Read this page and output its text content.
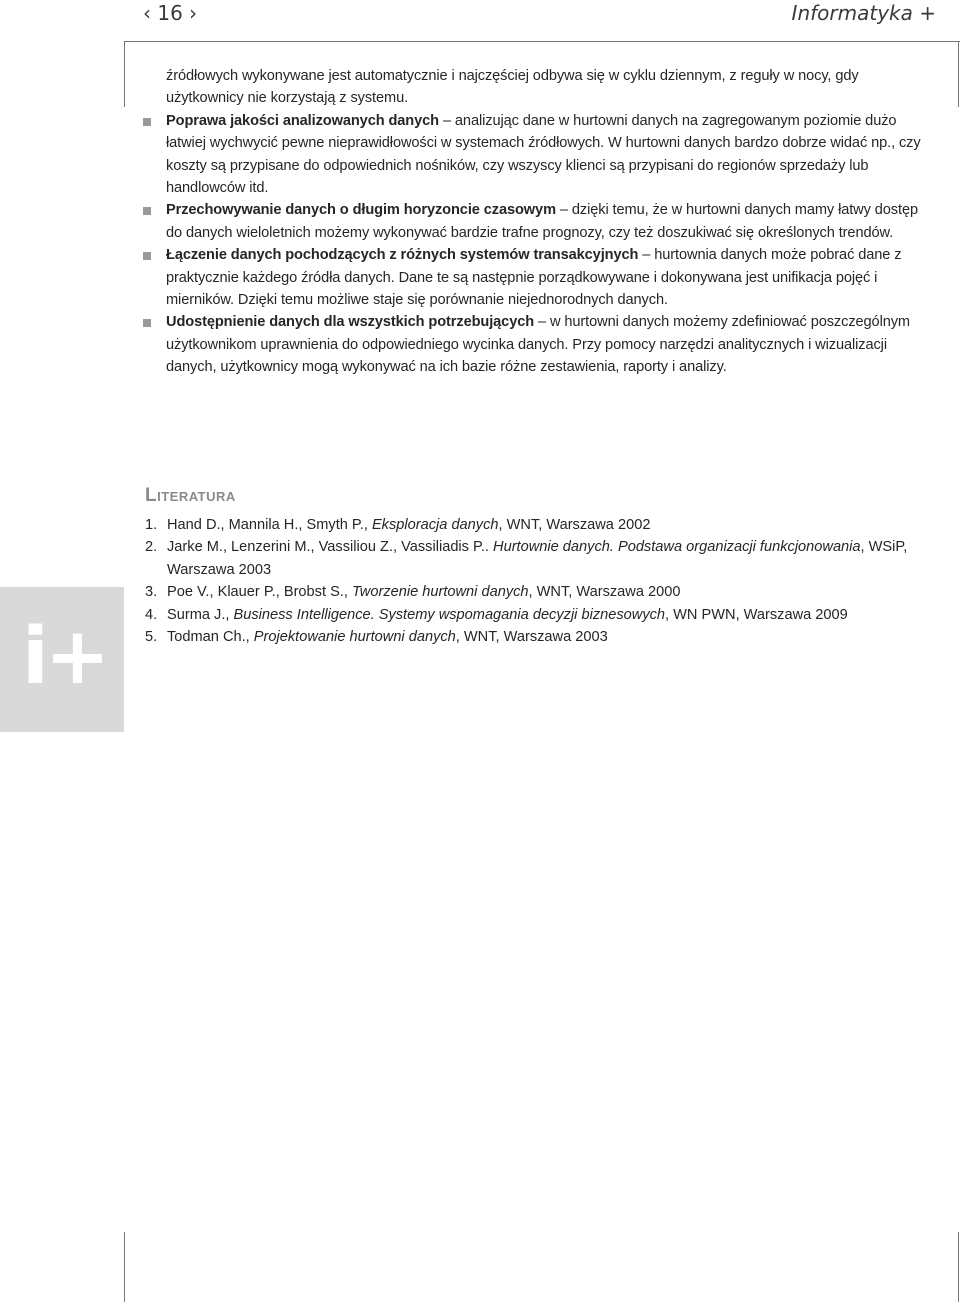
‹ 16 ›	Informatyka +

źródłowych wykonywane jest automatycznie i najczęściej odbywa się w cyklu dziennym, z reguły w nocy, gdy użytkownicy nie korzystają z systemu.

Poprawa jakości analizowanych danych – analizując dane w hurtowni danych na zagregowanym poziomie dużo łatwiej wychwycić pewne nieprawidłowości w systemach źródłowych. W hurtowni danych bardzo dobrze widać np., czy koszty są przypisane do odpowiednich nośników, czy wszyscy klienci są przypisani do regionów sprzedaży lub handlowców itd.

Przechowywanie danych o długim horyzoncie czasowym – dzięki temu, że w hurtowni danych mamy łatwy dostęp do danych wieloletnich możemy wykonywać bardzie trafne prognozy, czy też doszukiwać się określonych trendów.

Łączenie danych pochodzących z różnych systemów transakcyjnych – hurtownia danych może pobrać dane z praktycznie każdego źródła danych. Dane te są następnie porządkowywane i dokonywana jest unifikacja pojęć i mierników. Dzięki temu możliwe staje się porównanie niejednorodnych danych.

Udostępnienie danych dla wszystkich potrzebujących – w hurtowni danych możemy zdefiniować poszczególnym użytkownikom uprawnienia do odpowiedniego wycinka danych. Przy pomocy narzędzi analitycznych i wizualizacji danych, użytkownicy mogą wykonywać na ich bazie różne zestawienia, raporty i analizy.

Literatura
1. Hand D., Mannila H., Smyth P., Eksploracja danych, WNT, Warszawa 2002
2. Jarke M., Lenzerini M., Vassiliou Z., Vassiliadis P.. Hurtownie danych. Podstawa organizacji funkcjonowania, WSiP, Warszawa 2003
3. Poe V., Klauer P., Brobst S., Tworzenie hurtowni danych, WNT, Warszawa 2000
4. Surma J., Business Intelligence. Systemy wspomagania decyzji biznesowych, WN PWN, Warszawa 2009
5. Todman Ch., Projektowanie hurtowni danych, WNT, Warszawa 2003
i+
